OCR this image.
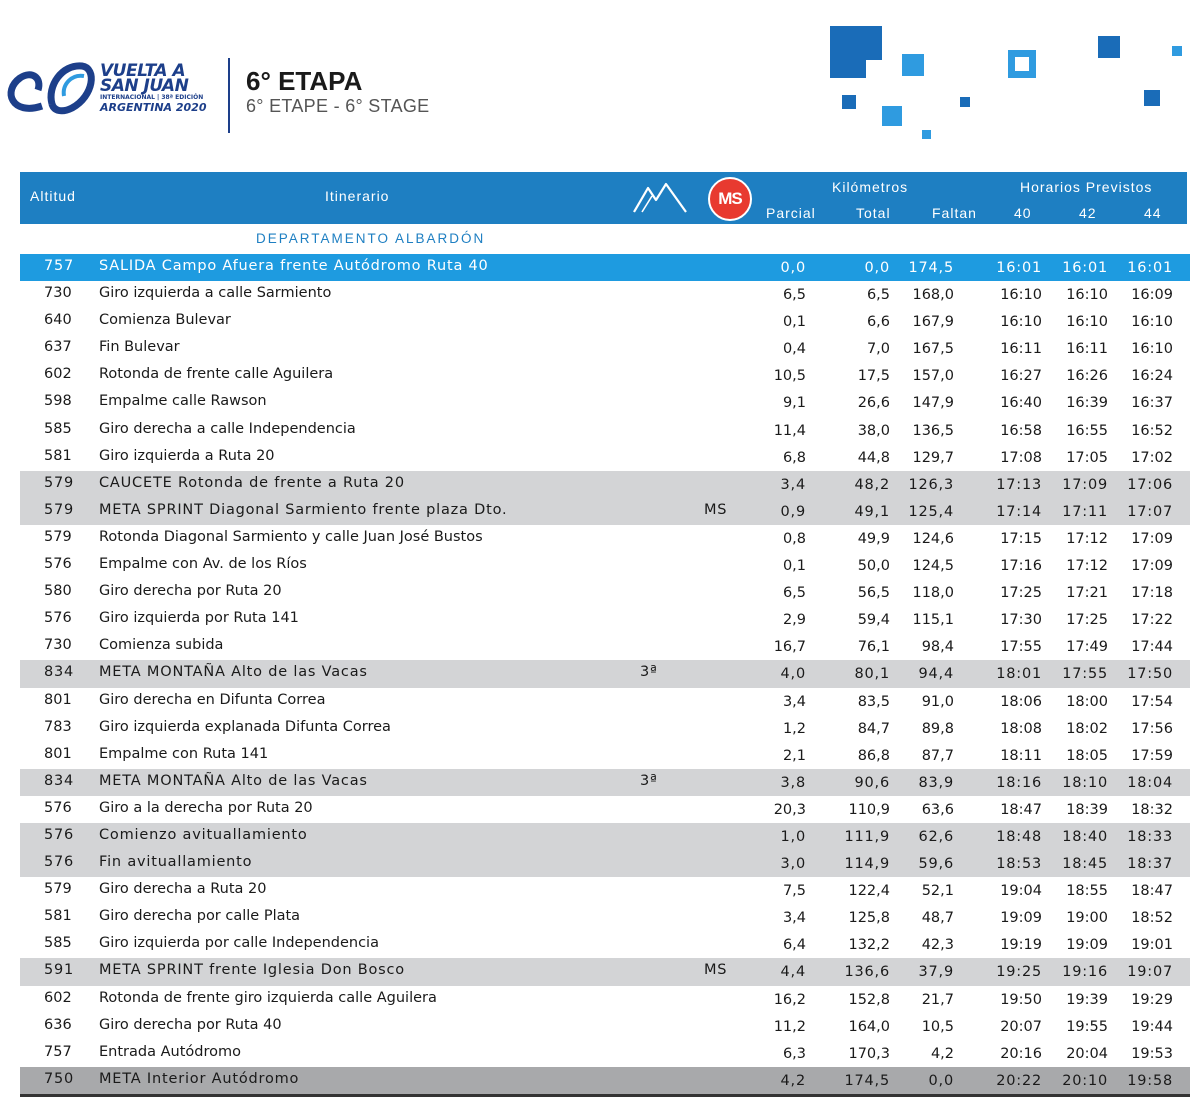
VUELTA A
SAN JUAN
INTERNACIONAL | 38ª EDICIÓN
ARGENTINA 2020
6° ETAPA
6° ETAPE - 6° STAGE
Altitud	Itinerario	MS
Kilómetros	Horarios Previstos
Parcial	Total	Faltan	40	42	44
DEPARTAMENTO ALBARDÓN
757	SALIDA Campo Afuera frente Autódromo Ruta 40	0,0	0,0 174,5	16:01 16:01 16:01
730	Giro izquierda a calle Sarmiento	6,5	6,5 168,0	16:10 16:10 16:09
640	Comienza Bulevar	0,1	6,6 167,9	16:10 16:10 16:10
637	Fin Bulevar	0,4	7,0 167,5	16:11 16:11 16:10
602	Rotonda de frente calle Aguilera	10,5	17,5 157,0	16:27 16:26 16:24
598	Empalme calle Rawson	9,1	26,6 147,9	16:40 16:39 16:37
585	Giro derecha a calle Independencia	11,4	38,0 136,5	16:58 16:55 16:52
581	Giro izquierda a Ruta 20	6,8	44,8 129,7	17:08 17:05 17:02
579	CAUCETE Rotonda de frente a Ruta 20	3,4	48,2 126,3	17:13 17:09 17:06
579	META SPRINT Diagonal Sarmiento frente plaza Dto.	MS	0,9	49,1 125,4	17:14 17:11 17:07
579	Rotonda Diagonal Sarmiento y calle Juan José Bustos	0,8	49,9 124,6	17:15 17:12 17:09
576	Empalme con Av. de los Ríos	0,1	50,0 124,5	17:16 17:12 17:09
580	Giro derecha por Ruta 20	6,5	56,5 118,0	17:25 17:21 17:18
576	Giro izquierda por Ruta 141	2,9	59,4 115,1	17:30 17:25 17:22
730	Comienza subida	16,7	76,1 98,4	17:55 17:49 17:44
834	META MONTAÑA Alto de las Vacas	3ª	4,0	80,1 94,4	18:01 17:55 17:50
801	Giro derecha en Difunta Correa	3,4	83,5 91,0	18:06 18:00 17:54
783	Giro izquierda explanada Difunta Correa	1,2	84,7 89,8	18:08 18:02 17:56
801	Empalme con Ruta 141	2,1	86,8 87,7	18:11 18:05 17:59
834	META MONTAÑA Alto de las Vacas	3ª	3,8	90,6 83,9	18:16 18:10 18:04
576	Giro a la derecha por Ruta 20	20,3	110,9 63,6	18:47 18:39 18:32
576	Comienzo avituallamiento	1,0	111,9 62,6	18:48 18:40 18:33
576	Fin avituallamiento	3,0	114,9 59,6	18:53 18:45 18:37
579	Giro derecha a Ruta 20	7,5	122,4 52,1	19:04 18:55 18:47
581	Giro derecha por calle Plata	3,4	125,8 48,7	19:09 19:00 18:52
585	Giro izquierda por calle Independencia	6,4	132,2 42,3	19:19 19:09 19:01
591	META SPRINT frente Iglesia Don Bosco	MS	4,4	136,6 37,9	19:25 19:16 19:07
602	Rotonda de frente giro izquierda calle Aguilera	16,2	152,8 21,7	19:50 19:39 19:29
636	Giro derecha por Ruta 40	11,2	164,0 10,5	20:07 19:55 19:44
757	Entrada Autódromo	6,3	170,3	4,2	20:16 20:04 19:53
750	META Interior Autódromo	4,2	174,5	0,0	20:22 20:10 19:58
